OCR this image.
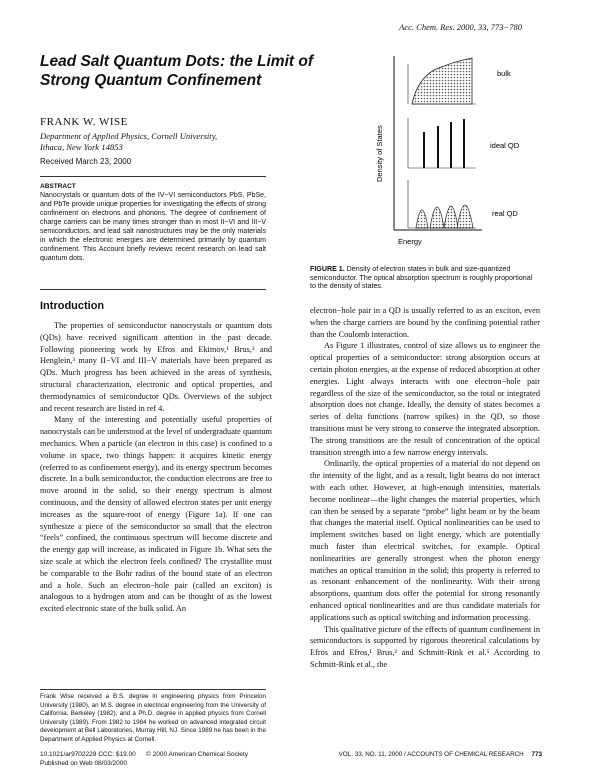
Acc. Chem. Res. 2000, 33, 773−780
Lead Salt Quantum Dots: the Limit of Strong Quantum Confinement
FRANK W. WISE
Department of Applied Physics, Cornell University, Ithaca, New York 14853
Received March 23, 2000
ABSTRACT
Nanocrystals or quantum dots of the IV−VI semiconductors PbS, PbSe, and PbTe provide unique properties for investigating the effects of strong confinement on electrons and phonons. The degree of confinement of charge carriers can be many times stronger than in most II−VI and III−V semiconductors, and lead salt nanostructures may be the only materials in which the electronic energies are determined primarily by quantum confinement. This Account briefly reviews recent research on lead salt quantum dots.
Introduction

The properties of semiconductor nanocrystals or quantum dots (QDs) have received significant attention in the past decade. Following pioneering work by Efros and Ekimov,¹ Brus,² and Henglein,³ many II−VI and III−V materials have been prepared as QDs. Much progress has been achieved in the areas of synthesis, structural characterization, electronic and optical properties, and thermodynamics of semiconductor QDs. Overviews of the subject and recent research are listed in ref 4.

Many of the interesting and potentially useful properties of nanocrystals can be understood at the level of undergraduate quantum mechanics. When a particle (an electron in this case) is confined to a volume in space, two things happen: it acquires kinetic energy (referred to as confinement energy), and its energy spectrum becomes discrete. In a bulk semiconductor, the conduction electrons are free to move around in the solid, so their energy spectrum is almost continuous, and the density of allowed electron states per unit energy increases as the square-root of energy (Figure 1a). If one can synthesize a piece of the semiconductor so small that the electron “feels” confined, the continuous spectrum will become discrete and the energy gap will increase, as indicated in Figure 1b. What sets the size scale at which the electron feels confined? The crystallite must be comparable to the Bohr radius of the bound state of an electron and a hole. Such an electron−hole pair (called an exciton) is analogous to a hydrogen atom and can be thought of as the lowest excited electronic state of the bulk solid. An

electron−hole pair in a QD is usually referred to as an exciton, even when the charge carriers are bound by the confining potential rather than the Coulomb interaction.

As Figure 1 illustrates, control of size allows us to engineer the optical properties of a semiconductor: strong absorption occurs at certain photon energies, at the expense of reduced absorption at other energies. Light always interacts with one electron−hole pair regardless of the size of the semiconductor, so the total or integrated absorption does not change. Ideally, the density of states becomes a series of delta functions (narrow spikes) in the QD, so those transitions must be very strong to conserve the integrated absorption. The strong transitions are the result of concentration of the optical transition strength into a few narrow energy intervals.

Ordinarily, the optical properties of a material do not depend on the intensity of the light, and as a result, light beams do not interact with each other. However, at high-enough intensities, materials become nonlinear—the light changes the material properties, which can then be sensed by a separate “probe” light beam or by the beam that changes the material itself. Optical nonlinearities can be used to implement switches based on light energy, which are potentially much faster than electrical switches, for example. Optical nonlinearities are generally strongest when the photon energy matches an optical transition in the solid; this property is referred to as resonant enhancement of the nonlinearity. With their strong absorptions, quantum dots offer the potential for strong resonantly enhanced optical nonlinearities and are thus candidate materials for applications such as optical switching and information processing.

This qualitative picture of the effects of quantum confinement in semiconductors is supported by rigorous theoretical calculations by Efros and Efros,¹ Brus,² and Schmitt-Rink et al.⁵ According to Schmitt-Rink et al., the

Density of States
Energy
bulk
ideal QD
real QD
FIGURE 1. Density of electron states in bulk and size-quantized semiconductor. The optical absorption spectrum is roughly proportional to the density of states.
Frank Wise received a B.S. degree in engineering physics from Princeton University (1980), an M.S. degree in electrical engineering from the University of California, Berkeley (1982), and a Ph.D. degree in applied physics from Cornell University (1989). From 1982 to 1984 he worked on advanced integrated circuit development at Bell Laboratories, Murray Hill, NJ. Since 1989 he has been in the Department of Applied Physics at Cornell.
10.1021/ar9702229 CCC: $19.00
Published on Web 08/03/2000
© 2000 American Chemical Society	VOL. 33, NO. 11, 2000 / ACCOUNTS OF CHEMICAL RESEARCH 773
